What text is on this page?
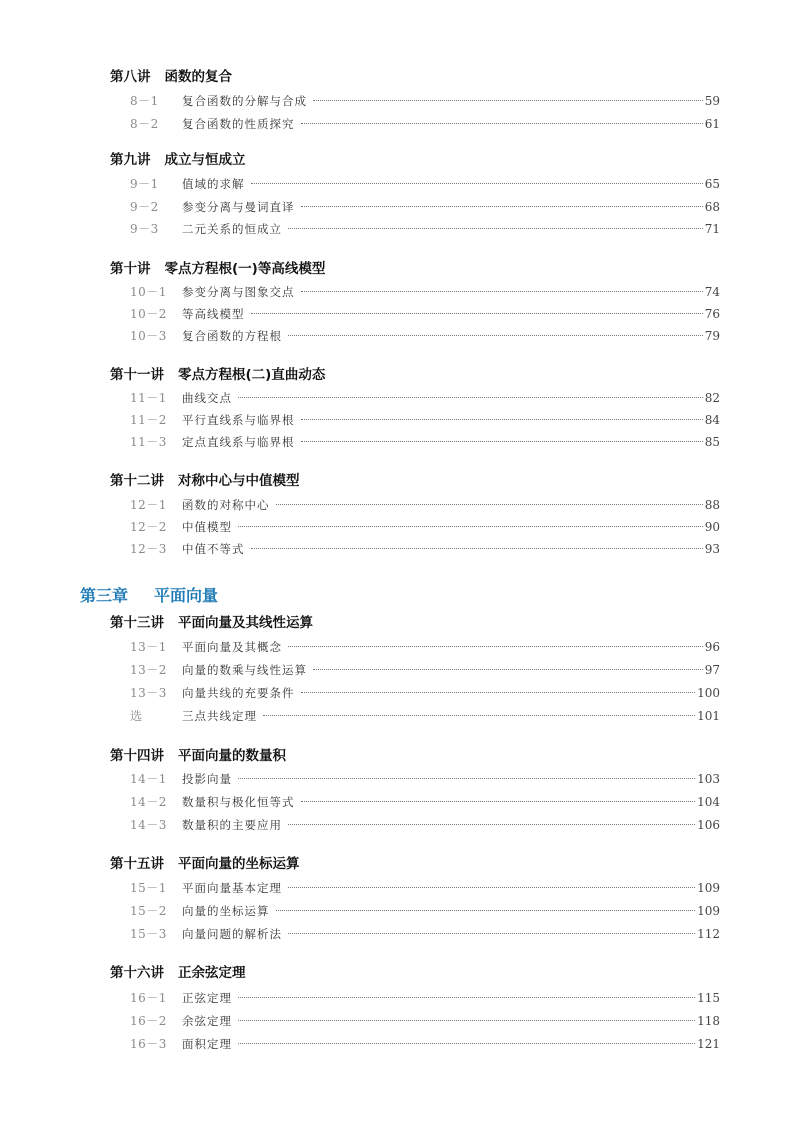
第八讲 函数的复合
8－1	复合函数的分解与合成	59
8－2	复合函数的性质探究	61
第九讲 成立与恒成立
9－1	值域的求解	65
9－2	参变分离与曼词直译	68
9－3	二元关系的恒成立	71
第十讲 零点方程根(一)等高线模型
10－1	参变分离与图象交点	74
10－2	等高线模型	76
10－3	复合函数的方程根	79
第十一讲 零点方程根(二)直曲动态
11－1	曲线交点	82
11－2	平行直线系与临界根	84
11－3	定点直线系与临界根	85
第十二讲 对称中心与中值模型
12－1	函数的对称中心	88
12－2	中值模型	90
12－3	中值不等式	93
第三章 平面向量
第十三讲 平面向量及其线性运算
13－1	平面向量及其概念	96
13－2	向量的数乘与线性运算	97
13－3	向量共线的充要条件	100
选	三点共线定理	101
第十四讲 平面向量的数量积
14－1	投影向量	103
14－2	数量积与极化恒等式	104
14－3	数量积的主要应用	106
第十五讲 平面向量的坐标运算
15－1	平面向量基本定理	109
15－2	向量的坐标运算	109
15－3	向量问题的解析法	112
第十六讲 正余弦定理
16－1	正弦定理	115
16－2	余弦定理	118
16－3	面积定理	121
